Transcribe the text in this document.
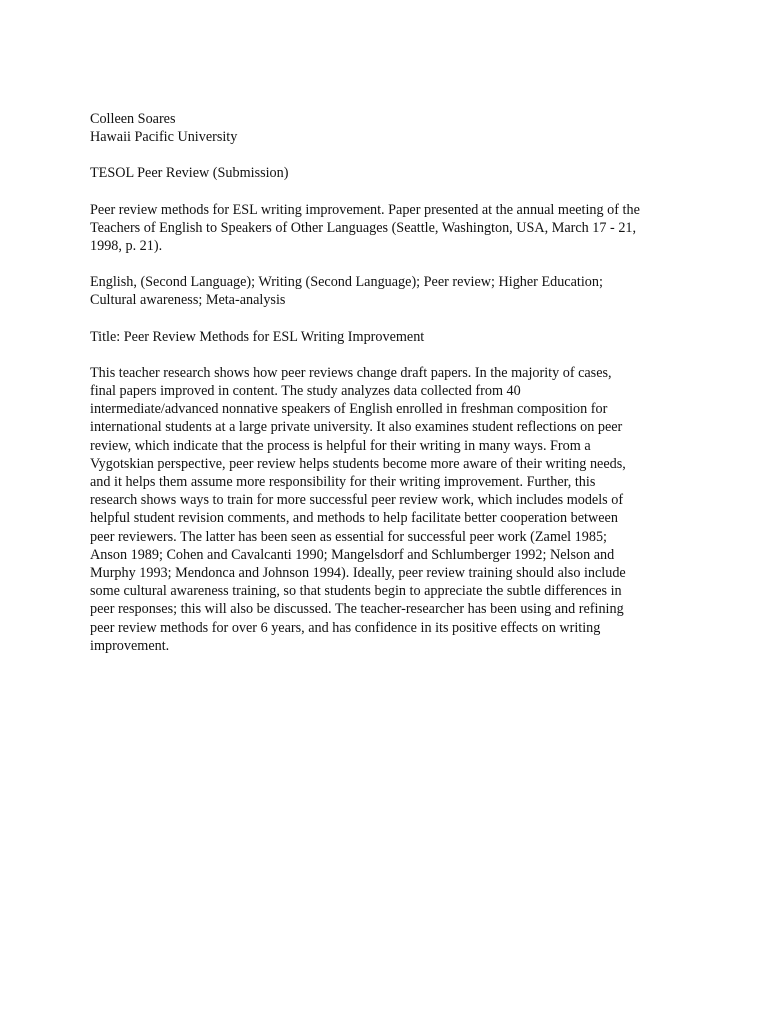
Colleen Soares
Hawaii Pacific University
TESOL Peer Review (Submission)
Peer review methods for ESL writing improvement. Paper presented at the annual meeting of the
Teachers of English to Speakers of Other Languages (Seattle, Washington, USA, March 17 - 21,
1998, p. 21).
English, (Second Language); Writing (Second Language); Peer review; Higher Education;
Cultural awareness; Meta-analysis
Title: Peer Review Methods for ESL Writing Improvement
This teacher research shows how peer reviews change draft papers. In the majority of cases,
final papers improved in content. The study analyzes data collected from 40
intermediate/advanced nonnative speakers of English enrolled in freshman composition for
international students at a large private university. It also examines student reflections on peer
review, which indicate that the process is helpful for their writing in many ways. From a
Vygotskian perspective, peer review helps students become more aware of their writing needs,
and it helps them assume more responsibility for their writing improvement. Further, this
research shows ways to train for more successful peer review work, which includes models of
helpful student revision comments, and methods to help facilitate better cooperation between
peer reviewers. The latter has been seen as essential for successful peer work (Zamel 1985;
Anson 1989; Cohen and Cavalcanti 1990; Mangelsdorf and Schlumberger 1992; Nelson and
Murphy 1993; Mendonca and Johnson 1994). Ideally, peer review training should also include
some cultural awareness training, so that students begin to appreciate the subtle differences in
peer responses; this will also be discussed. The teacher-researcher has been using and refining
peer review methods for over 6 years, and has confidence in its positive effects on writing
improvement.
